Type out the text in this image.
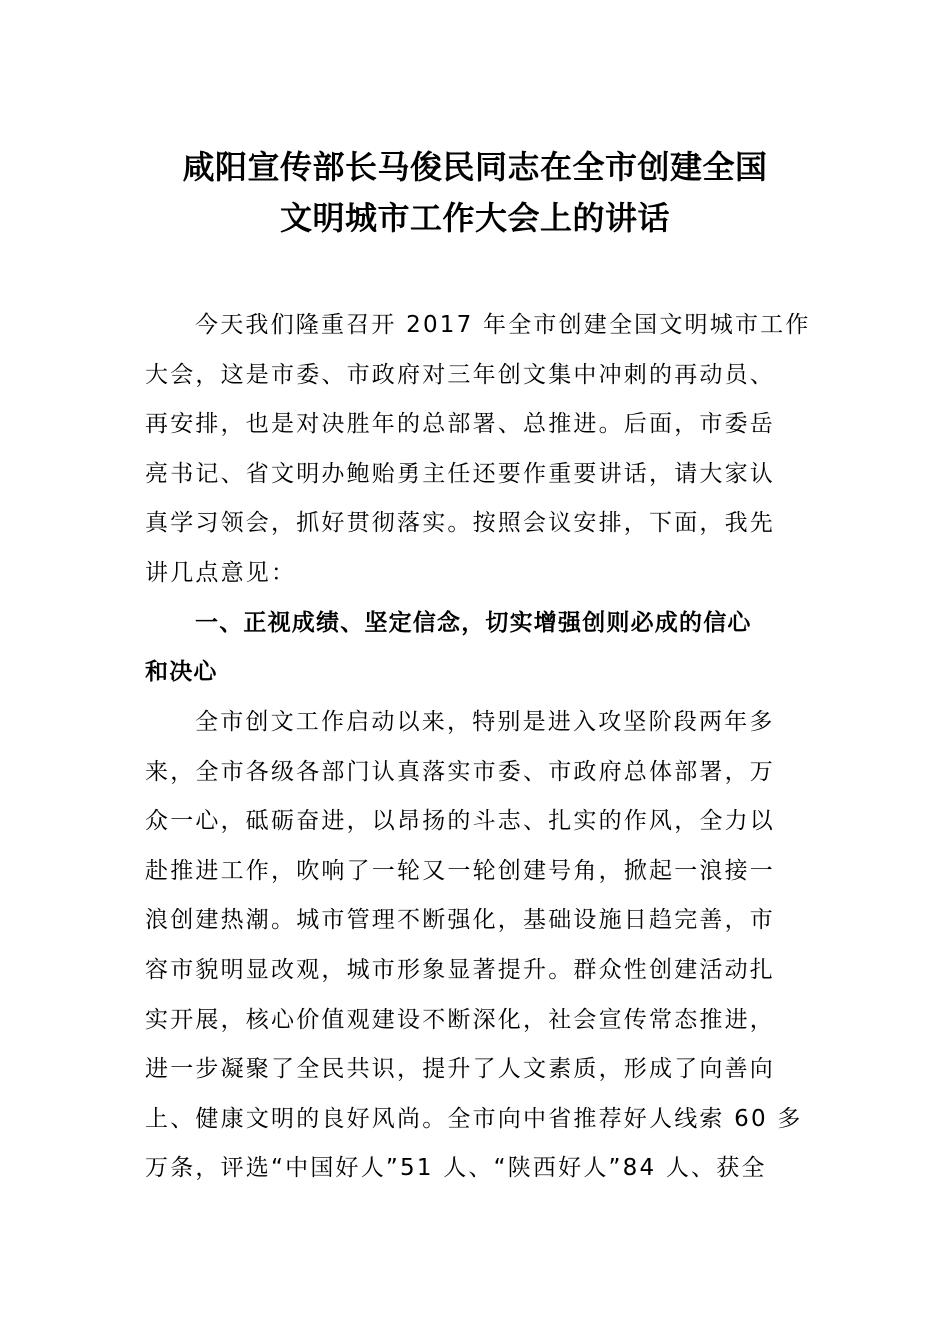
咸阳宣传部长马俊民同志在全市创建全国
文明城市工作大会上的讲话
今天我们隆重召开 2017 年全市创建全国文明城市工作
大会，这是市委、市政府对三年创文集中冲刺的再动员、
再安排，也是对决胜年的总部署、总推进。后面，市委岳
亮书记、省文明办鲍贻勇主任还要作重要讲话，请大家认
真学习领会，抓好贯彻落实。按照会议安排，下面，我先
讲几点意见：
一、正视成绩、坚定信念，切实增强创则必成的信心
和决心
全市创文工作启动以来，特别是进入攻坚阶段两年多
来，全市各级各部门认真落实市委、市政府总体部署，万
众一心，砥砺奋进，以昂扬的斗志、扎实的作风，全力以
赴推进工作，吹响了一轮又一轮创建号角，掀起一浪接一
浪创建热潮。城市管理不断强化，基础设施日趋完善，市
容市貌明显改观，城市形象显著提升。群众性创建活动扎
实开展，核心价值观建设不断深化，社会宣传常态推进，
进一步凝聚了全民共识，提升了人文素质，形成了向善向
上、健康文明的良好风尚。全市向中省推荐好人线索 60 多
万条，评选“中国好人”51 人、“陕西好人”84 人、获全
